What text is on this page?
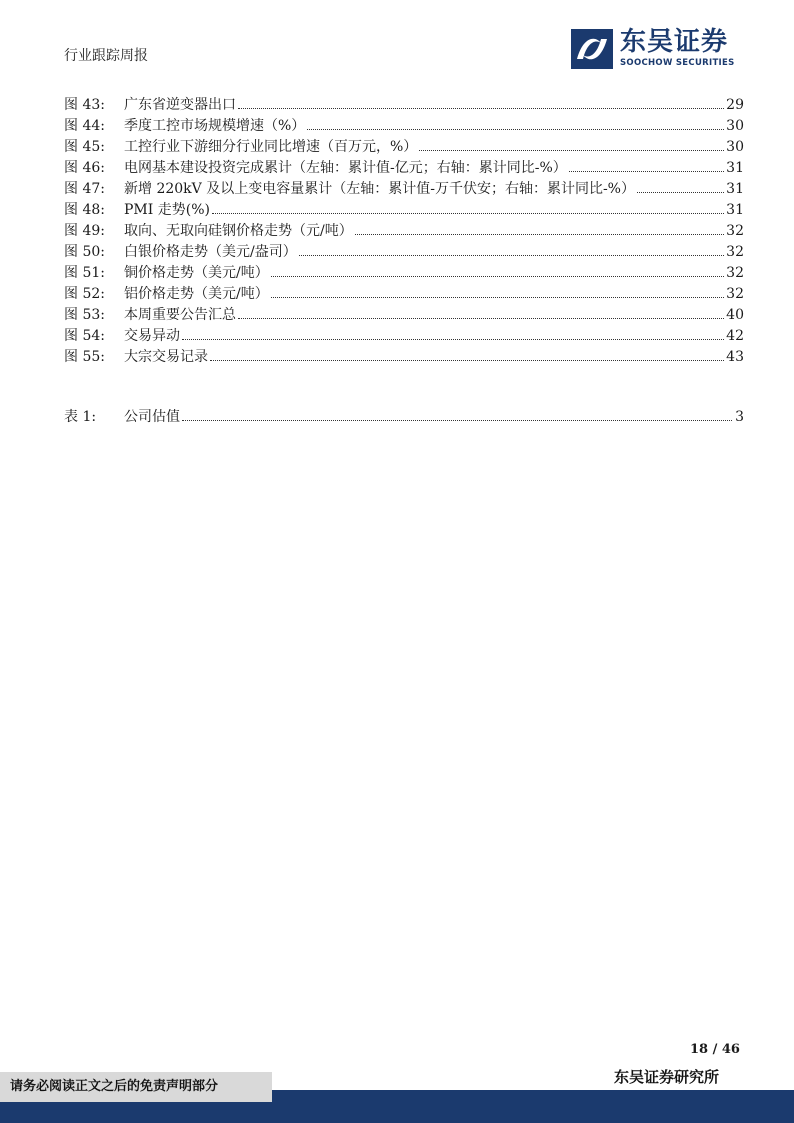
行业跟踪周报	东吴证券
SOOCHOW SECURITIES
图 43:	广东省逆变器出口	29
图 44:	季度工控市场规模增速（%）	30
图 45:	工控行业下游细分行业同比增速（百万元，%）	30
图 46:	电网基本建设投资完成累计（左轴：累计值-亿元；右轴：累计同比-%）	31
图 47:	新增 220kV 及以上变电容量累计（左轴：累计值-万千伏安；右轴：累计同比-%）	31
图 48:	PMI 走势(%)	31
图 49:	取向、无取向硅钢价格走势（元/吨）	32
图 50:	白银价格走势（美元/盎司）	32
图 51:	铜价格走势（美元/吨）	32
图 52:	铝价格走势（美元/吨）	32
图 53:	本周重要公告汇总	40
图 54:	交易异动	42
图 55:	大宗交易记录	43
表 1:	公司估值	3
18 / 46
请务必阅读正文之后的免责声明部分
东吴证券研究所
